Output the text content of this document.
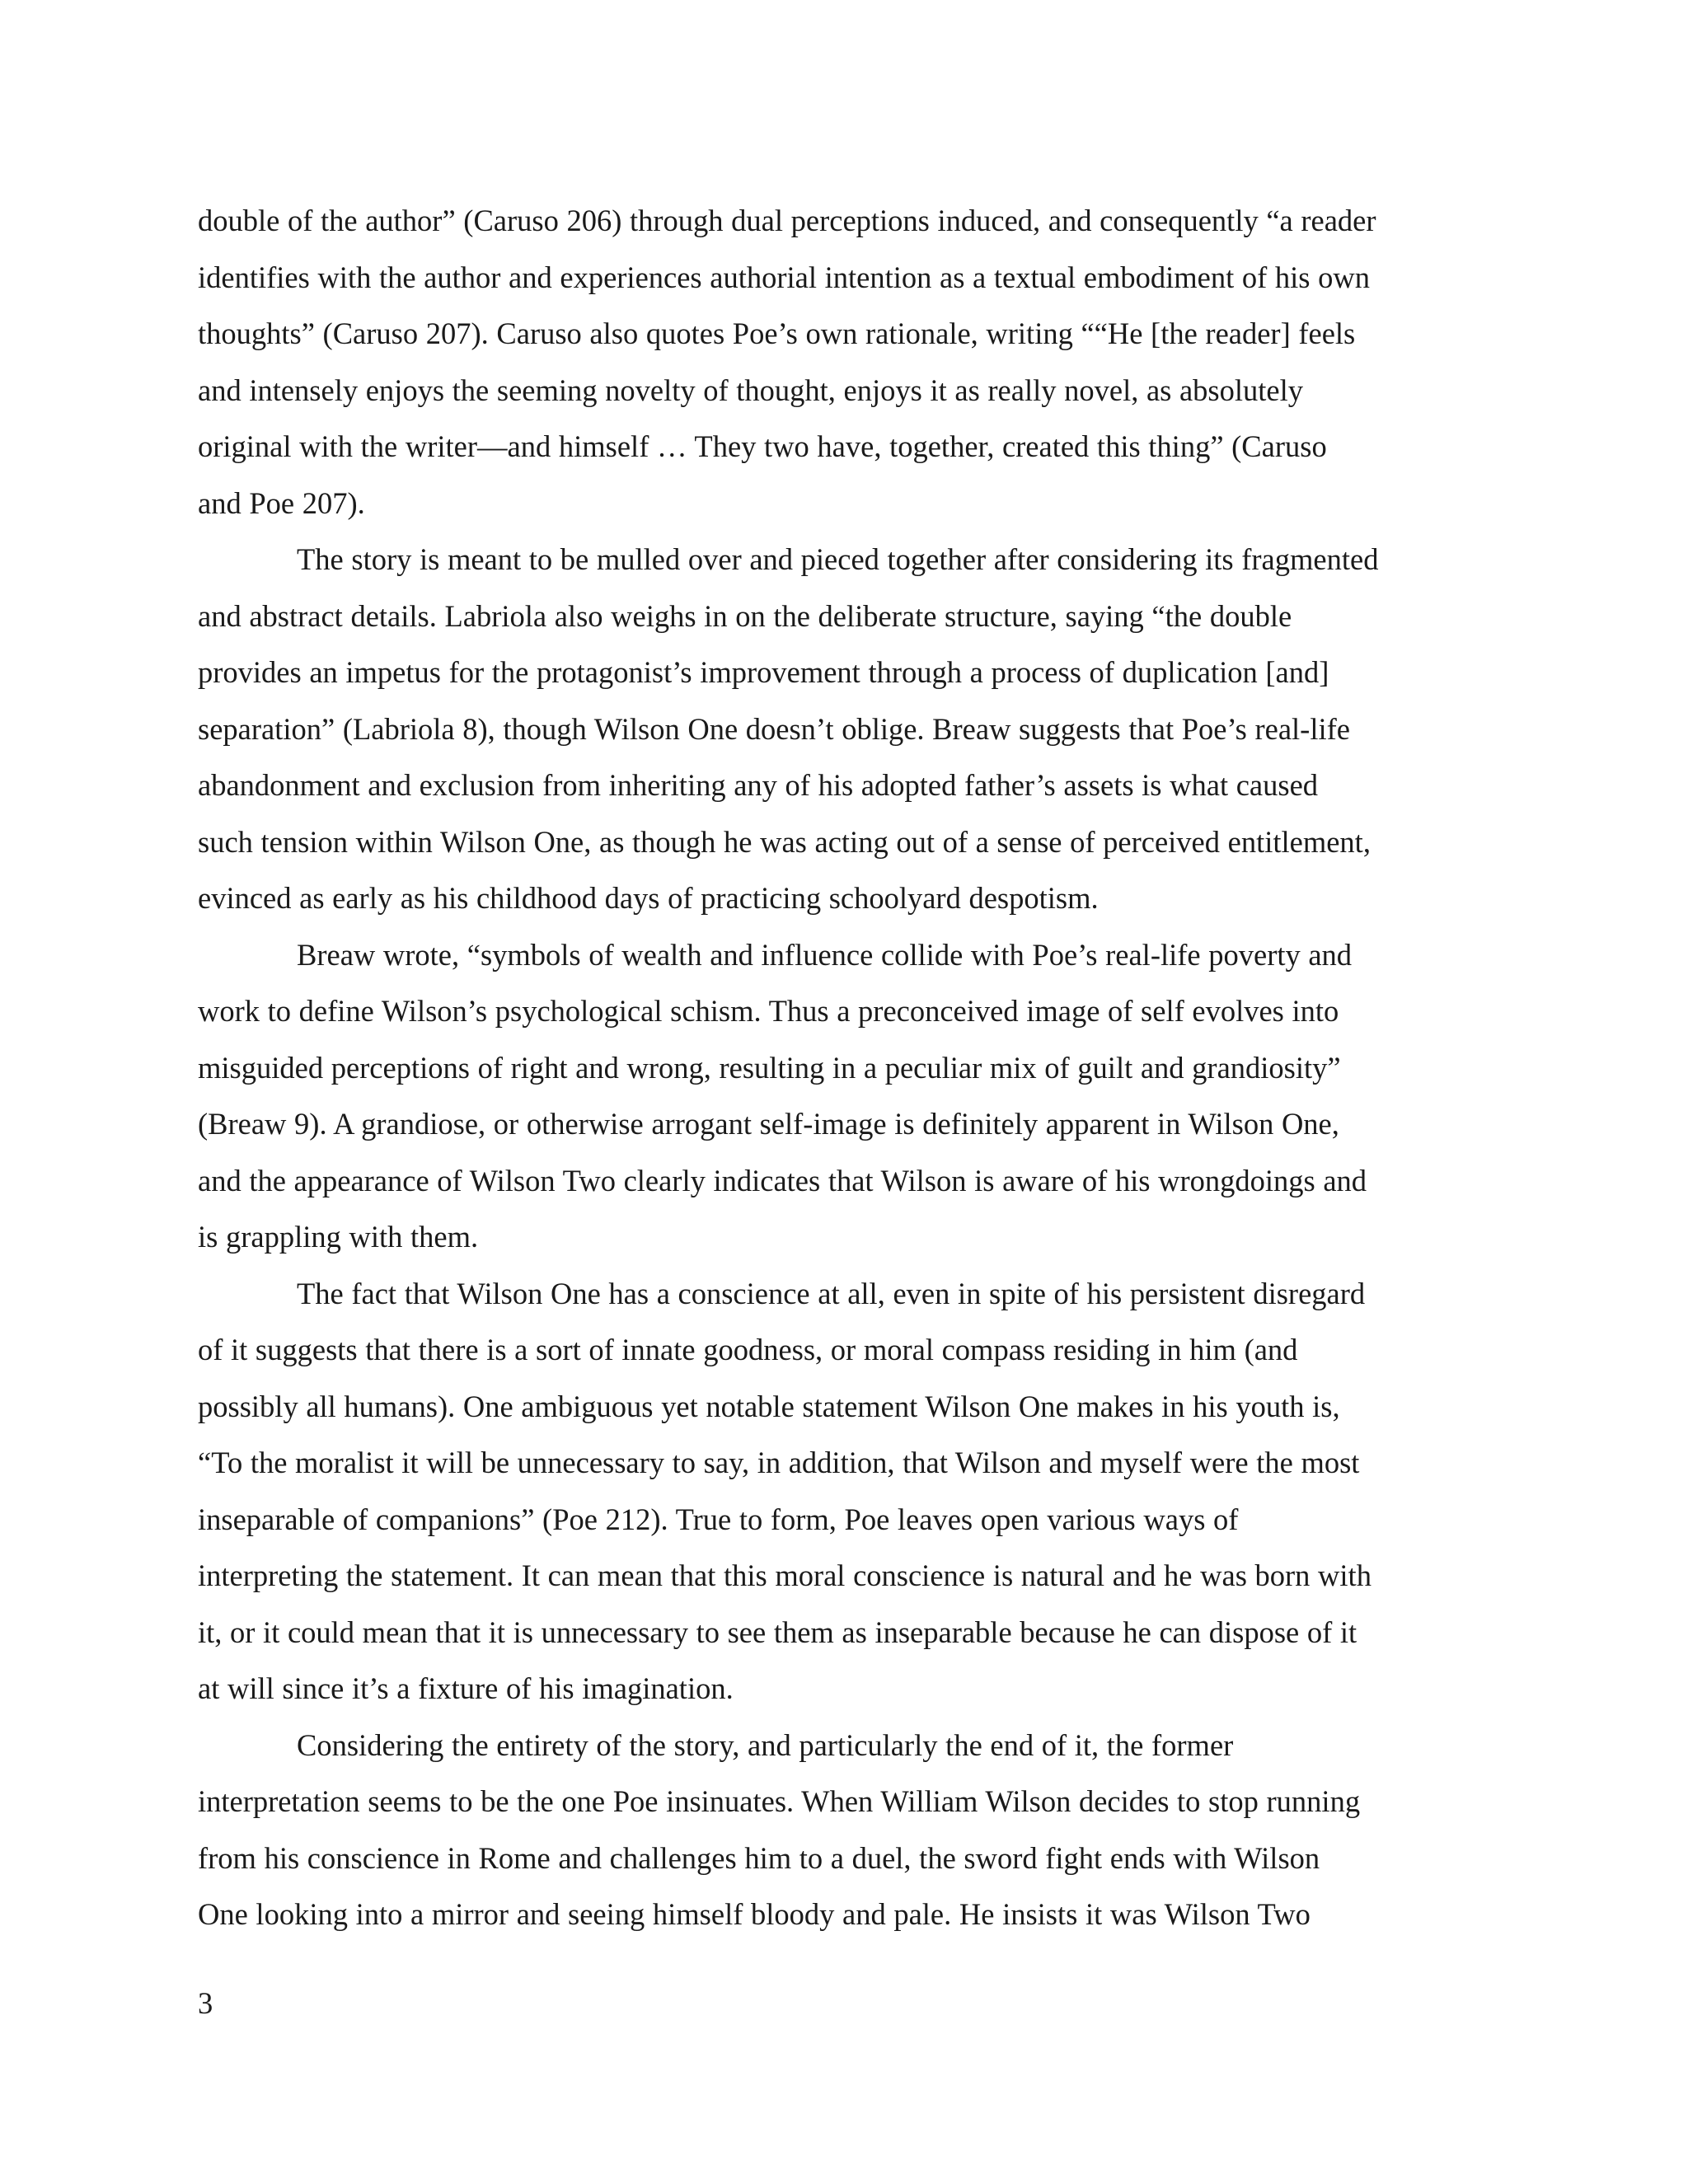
double of the author” (Caruso 206) through dual perceptions induced, and consequently “a reader
identifies with the author and experiences authorial intention as a textual embodiment of his own
thoughts” (Caruso 207). Caruso also quotes Poe’s own rationale, writing ““He [the reader] feels
and intensely enjoys the seeming novelty of thought, enjoys it as really novel, as absolutely
original with the writer—and himself … They two have, together, created this thing” (Caruso
and Poe 207).
The story is meant to be mulled over and pieced together after considering its fragmented
and abstract details. Labriola also weighs in on the deliberate structure, saying “the double
provides an impetus for the protagonist’s improvement through a process of duplication [and]
separation” (Labriola 8), though Wilson One doesn’t oblige. Breaw suggests that Poe’s real-life
abandonment and exclusion from inheriting any of his adopted father’s assets is what caused
such tension within Wilson One, as though he was acting out of a sense of perceived entitlement,
evinced as early as his childhood days of practicing schoolyard despotism.
Breaw wrote, “symbols of wealth and influence collide with Poe’s real-life poverty and
work to define Wilson’s psychological schism. Thus a preconceived image of self evolves into
misguided perceptions of right and wrong, resulting in a peculiar mix of guilt and grandiosity”
(Breaw 9). A grandiose, or otherwise arrogant self-image is definitely apparent in Wilson One,
and the appearance of Wilson Two clearly indicates that Wilson is aware of his wrongdoings and
is grappling with them.
The fact that Wilson One has a conscience at all, even in spite of his persistent disregard
of it suggests that there is a sort of innate goodness, or moral compass residing in him (and
possibly all humans). One ambiguous yet notable statement Wilson One makes in his youth is,
“To the moralist it will be unnecessary to say, in addition, that Wilson and myself were the most
inseparable of companions” (Poe 212). True to form, Poe leaves open various ways of
interpreting the statement. It can mean that this moral conscience is natural and he was born with
it, or it could mean that it is unnecessary to see them as inseparable because he can dispose of it
at will since it’s a fixture of his imagination.
Considering the entirety of the story, and particularly the end of it, the former
interpretation seems to be the one Poe insinuates. When William Wilson decides to stop running
from his conscience in Rome and challenges him to a duel, the sword fight ends with Wilson
One looking into a mirror and seeing himself bloody and pale. He insists it was Wilson Two
3
